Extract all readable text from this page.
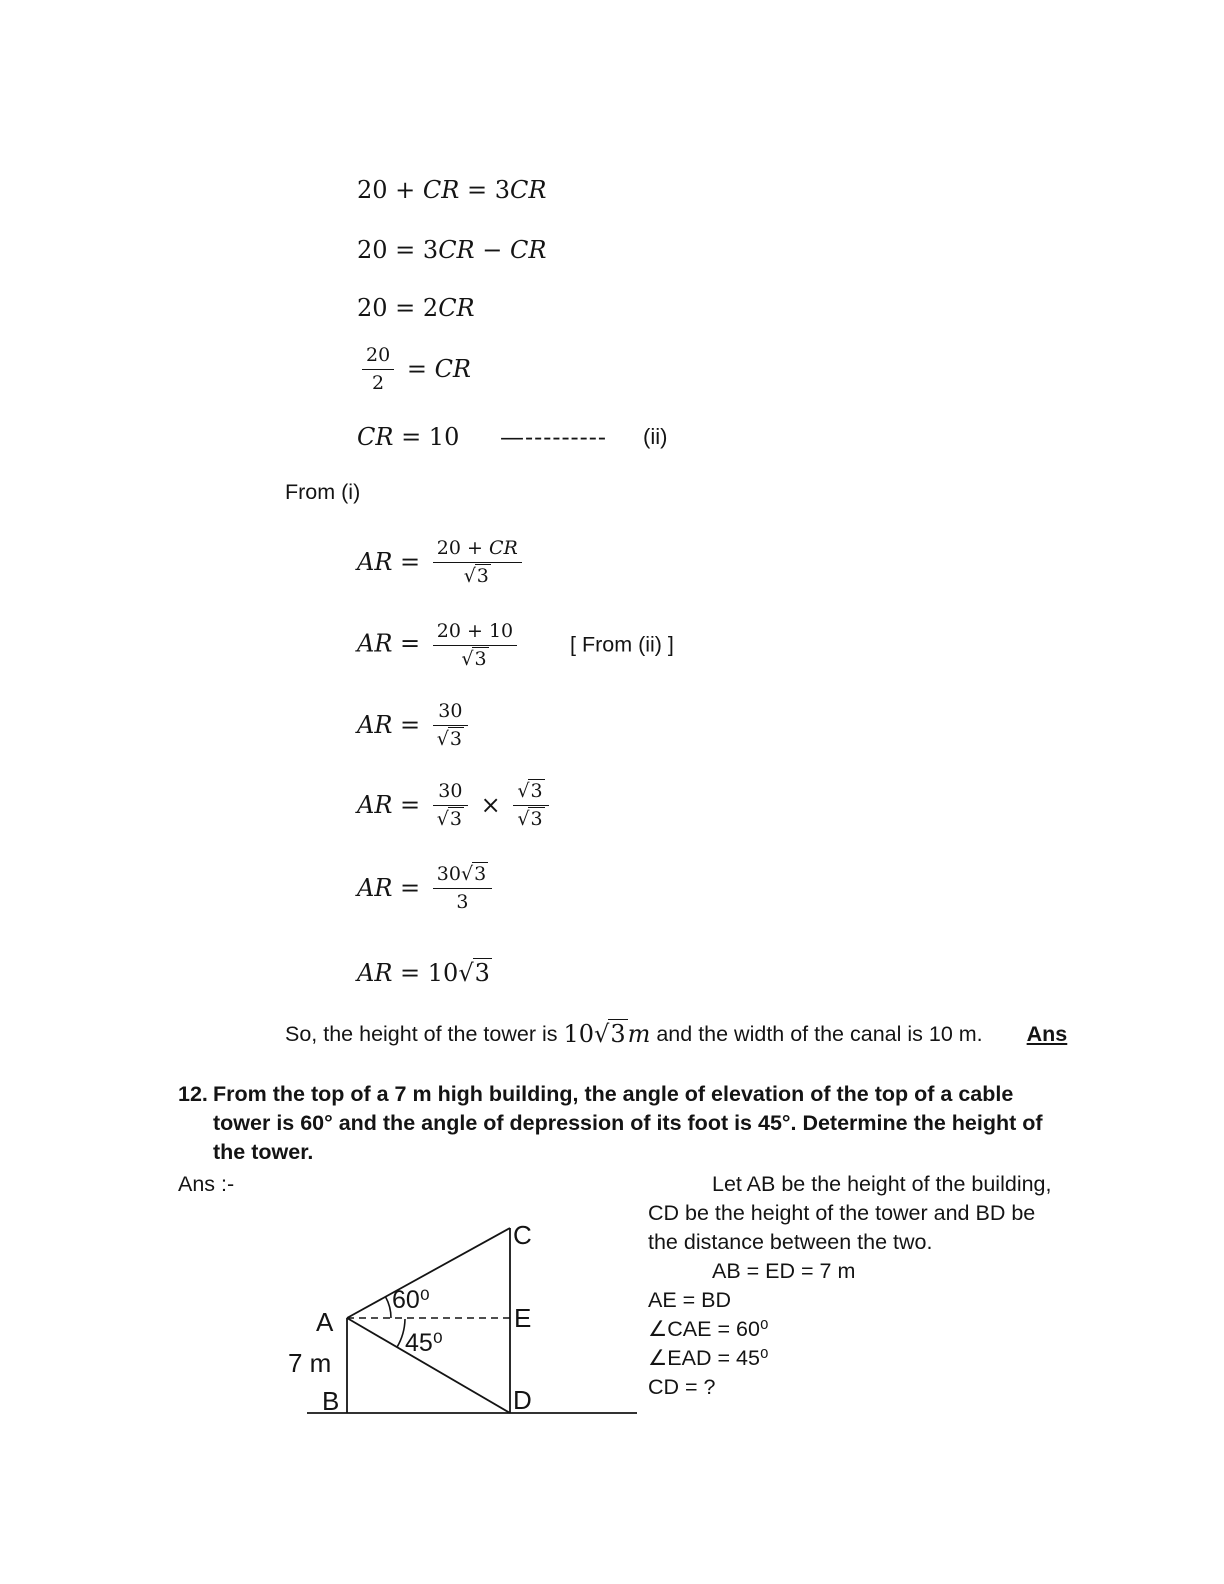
20 + CR = 3 CR
20 = 3 CR − CR
20 = 2 CR
$\frac{20}{2}$ = CR
CR = 10 —--------- (ii)
From (i)
AR = $\frac{20 + CR}{√3}$
AR = $\frac{20 + 10}{√3}$ [ From (ii) ]
AR = $\frac{30}{√3}$
AR = $\frac{30}{√3} \times \frac{√3}{√3}$
AR = $\frac{30√3}{3}$
AR = 10 √3
So, the height of the tower is 10√3m and the width of the canal is 10 m. Ans
12. From the top of a 7 m high building, the angle of elevation of the top of a cable
tower is 60° and the angle of depression of its foot is 45°. Determine the height of
the tower.
Ans :-
A
B
C
E
D
7 m
60⁰
45⁰
Let AB be the height of the building,
CD be the height of the tower and BD be
the distance between the two.
AB = ED = 7 m
AE = BD
∠CAE = 60⁰
∠EAD = 45⁰
CD = ?
